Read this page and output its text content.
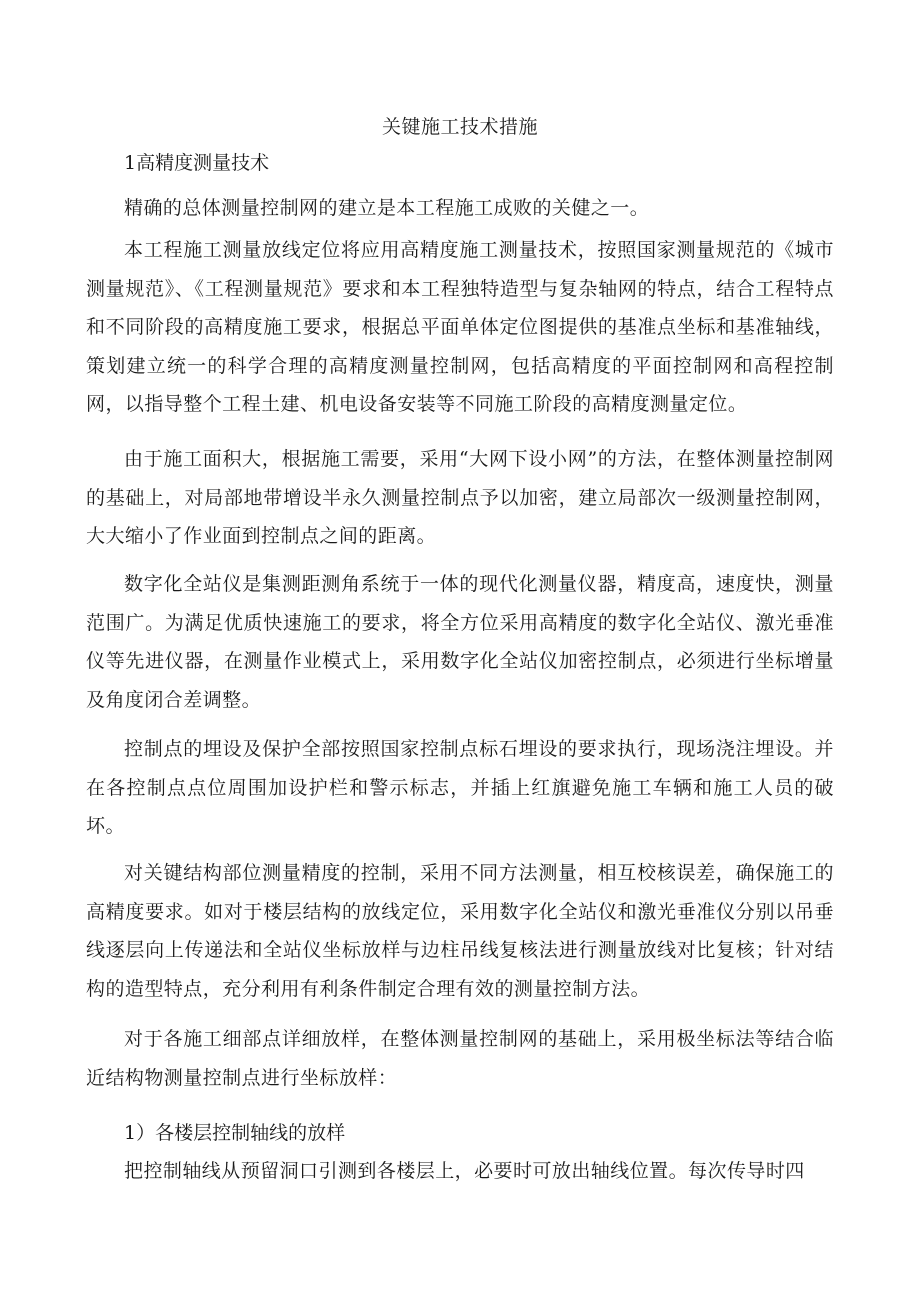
关键施工技术措施
1高精度测量技术

精确的总体测量控制网的建立是本工程施工成败的关健之一。

本工程施工测量放线定位将应用高精度施工测量技术，按照国家测量规范的《城市测量规范》、《工程测量规范》要求和本工程独特造型与复杂轴网的特点，结合工程特点和不同阶段的高精度施工要求，根据总平面单体定位图提供的基准点坐标和基准轴线，策划建立统一的科学合理的高精度测量控制网，包括高精度的平面控制网和高程控制网，以指导整个工程土建、机电设备安装等不同施工阶段的高精度测量定位。

由于施工面积大，根据施工需要，采用“大网下设小网”的方法，在整体测量控制网的基础上，对局部地带增设半永久测量控制点予以加密，建立局部次一级测量控制网，大大缩小了作业面到控制点之间的距离。

数字化全站仪是集测距测角系统于一体的现代化测量仪器，精度高，速度快，测量范围广。为满足优质快速施工的要求，将全方位采用高精度的数字化全站仪、激光垂准仪等先进仪器，在测量作业模式上，采用数字化全站仪加密控制点，必须进行坐标增量及角度闭合差调整。

控制点的埋设及保护全部按照国家控制点标石埋设的要求执行，现场浇注埋设。并在各控制点点位周围加设护栏和警示标志，并插上红旗避免施工车辆和施工人员的破坏。

对关键结构部位测量精度的控制，采用不同方法测量，相互校核误差，确保施工的高精度要求。如对于楼层结构的放线定位，采用数字化全站仪和激光垂准仪分别以吊垂线逐层向上传递法和全站仪坐标放样与边柱吊线复核法进行测量放线对比复核；针对结构的造型特点，充分利用有利条件制定合理有效的测量控制方法。

对于各施工细部点详细放样，在整体测量控制网的基础上，采用极坐标法等结合临近结构物测量控制点进行坐标放样：

1）各楼层控制轴线的放样

把控制轴线从预留洞口引测到各楼层上，必要时可放出轴线位置。每次传导时四
